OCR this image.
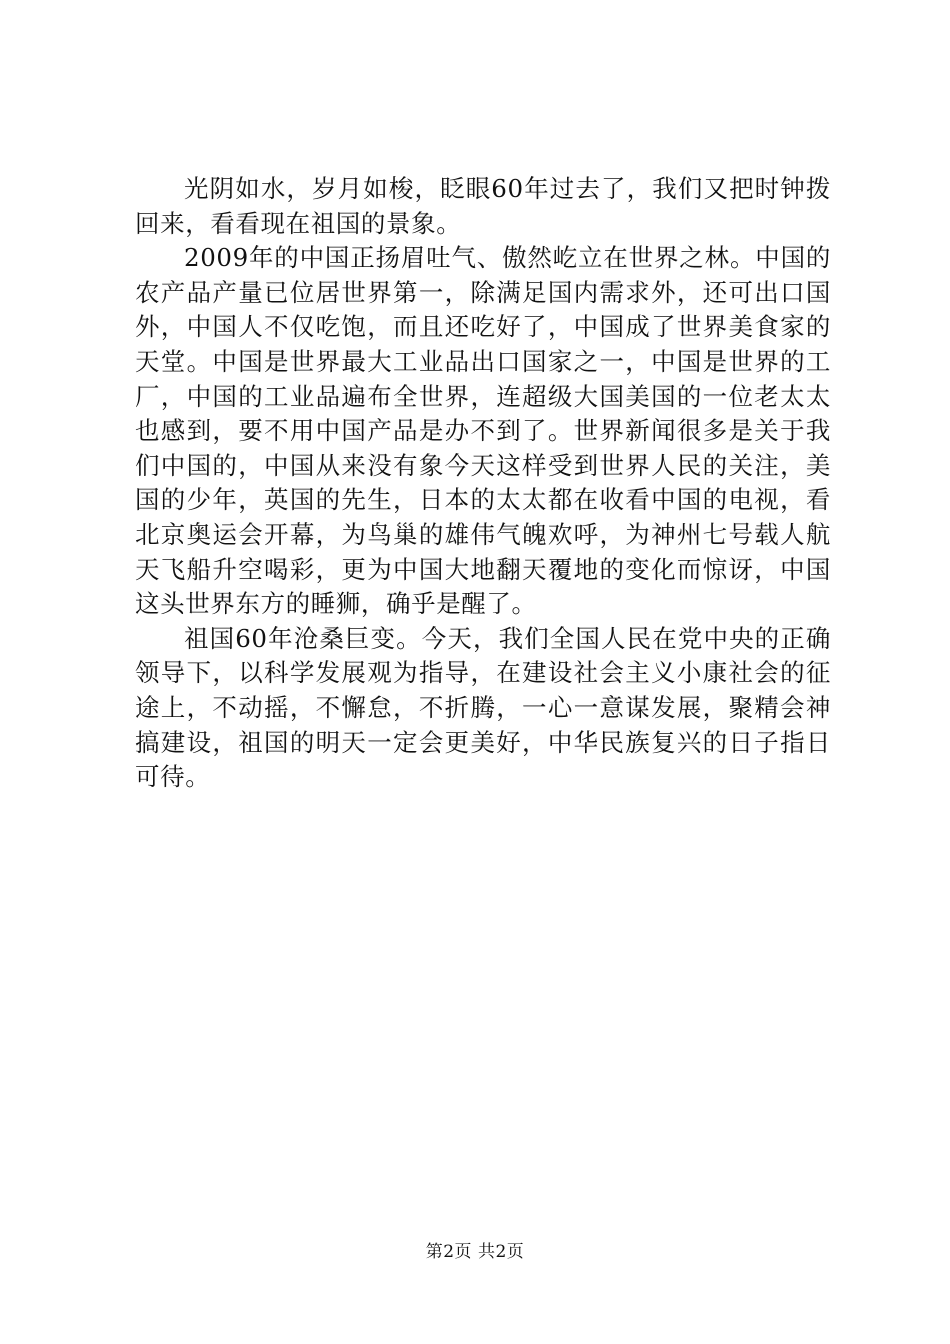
光阴如水，岁月如梭，眨眼60年过去了，我们又把时钟拨回来，看看现在祖国的景象。

2009年的中国正扬眉吐气、傲然屹立在世界之林。中国的农产品产量已位居世界第一，除满足国内需求外，还可出口国外，中国人不仅吃饱，而且还吃好了，中国成了世界美食家的天堂。中国是世界最大工业品出口国家之一，中国是世界的工厂，中国的工业品遍布全世界，连超级大国美国的一位老太太也感到，要不用中国产品是办不到了。世界新闻很多是关于我们中国的，中国从来没有象今天这样受到世界人民的关注，美国的少年，英国的先生，日本的太太都在收看中国的电视，看北京奥运会开幕，为鸟巢的雄伟气魄欢呼，为神州七号载人航天飞船升空喝彩，更为中国大地翻天覆地的变化而惊讶，中国这头世界东方的睡狮，确乎是醒了。

祖国60年沧桑巨变。今天，我们全国人民在党中央的正确领导下，以科学发展观为指导，在建设社会主义小康社会的征途上，不动摇，不懈怠，不折腾，一心一意谋发展，聚精会神搞建设，祖国的明天一定会更美好，中华民族复兴的日子指日可待。

第2页 共2页
